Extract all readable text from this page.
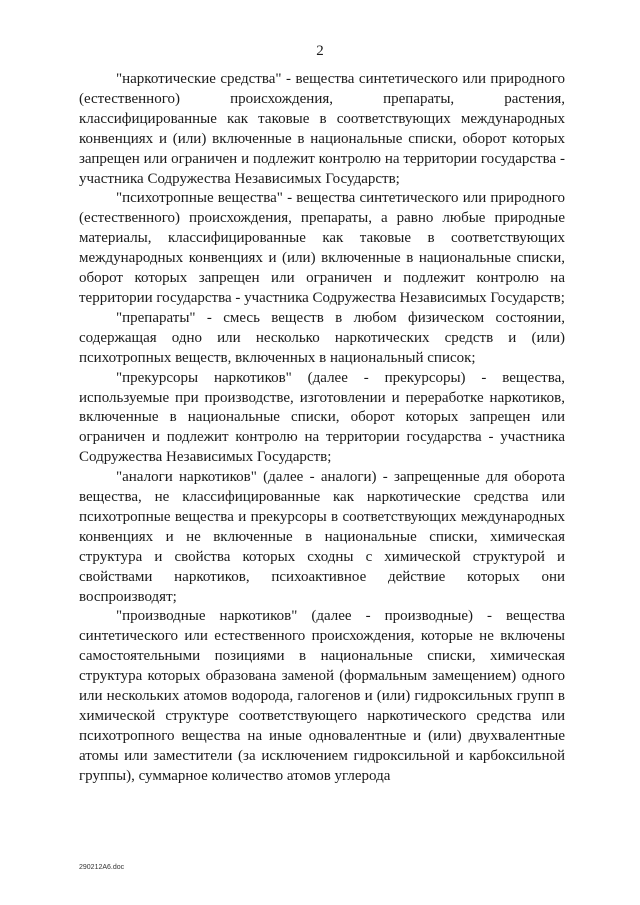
2

"наркотические средства" - вещества синтетического или природного (естественного) происхождения, препараты, растения, классифицированные как таковые в соответствующих международных конвенциях и (или) включенные в национальные списки, оборот которых запрещен или ограничен и подлежит контролю на территории государства - участника Содружества Независимых Государств;

"психотропные вещества" - вещества синтетического или природного (естественного) происхождения, препараты, а равно любые природные материалы, классифицированные как таковые в соответствующих международных конвенциях и (или) включенные в национальные списки, оборот которых запрещен или ограничен и подлежит контролю на территории государства - участника Содружества Независимых Государств;

"препараты" - смесь веществ в любом физическом состоянии, содержащая одно или несколько наркотических средств и (или) психотропных веществ, включенных в национальный список;

"прекурсоры наркотиков" (далее - прекурсоры) - вещества, используемые при производстве, изготовлении и переработке наркотиков, включенные в национальные списки, оборот которых запрещен или ограничен и подлежит контролю на территории государства - участника Содружества Независимых Государств;

"аналоги наркотиков" (далее - аналоги) - запрещенные для оборота вещества, не классифицированные как наркотические средства или психотропные вещества и прекурсоры в соответствующих международных конвенциях и не включенные в национальные списки, химическая структура и свойства которых сходны с химической структурой и свойствами наркотиков, психоактивное действие которых они воспроизводят;

"производные наркотиков" (далее - производные) - вещества синтетического или естественного происхождения, которые не включены самостоятельными позициями в национальные списки, химическая структура которых образована заменой (формальным замещением) одного или нескольких атомов водорода, галогенов и (или) гидроксильных групп в химической структуре соответствующего наркотического средства или психотропного вещества на иные одновалентные и (или) двухвалентные атомы или заместители (за исключением гидроксильной и карбоксильной группы), суммарное количество атомов углерода

290212A6.doc
